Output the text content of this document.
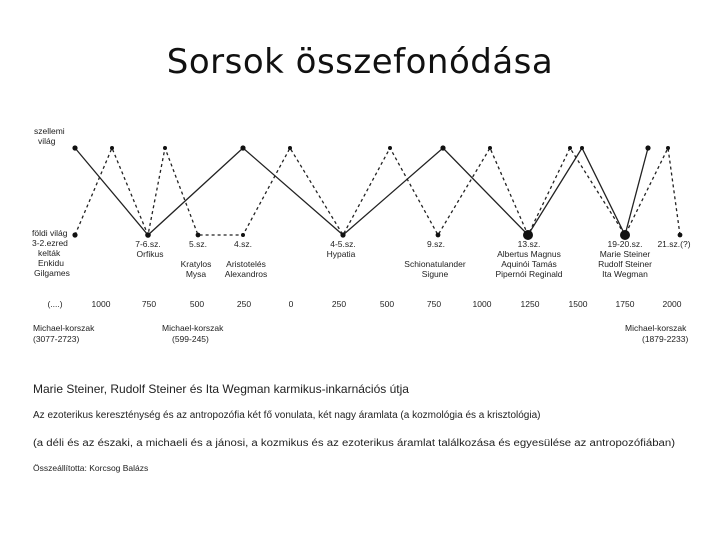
Sorsok összefonódása
szellemi világ
földi világ 3-2.ezred kelták Enkidu Gilgames
7-6.sz. Orfikus
5.sz. Kratylos Mysa
4.sz. Aristotelés Alexandros
4-5.sz. Hypatia
9.sz. Schionatulander Sigune
13.sz. Albertus Magnus Aquinói Tamás Pipernói Reginald
19-20.sz. Marie Steiner Rudolf Steiner Ita Wegman
21.sz.(?)
(....)	1000	750	500	250	0	250	500	750	1000	1250	1500	1750	2000
Michael-korszak (3077-2723)
Michael-korszak (599-245)
Michael-korszak (1879-2233)
Marie Steiner, Rudolf Steiner és Ita Wegman karmikus-inkarnációs útja
Az ezoterikus kereszténység és az antropozófia két fő vonulata, két nagy áramlata (a kozmológia és a krisztológia)
(a déli és az északi, a michaeli és a jánosi, a kozmikus és az ezoterikus áramlat találkozása és egyesülése az antropozófiában)
Összeállította: Korcsog Balázs
